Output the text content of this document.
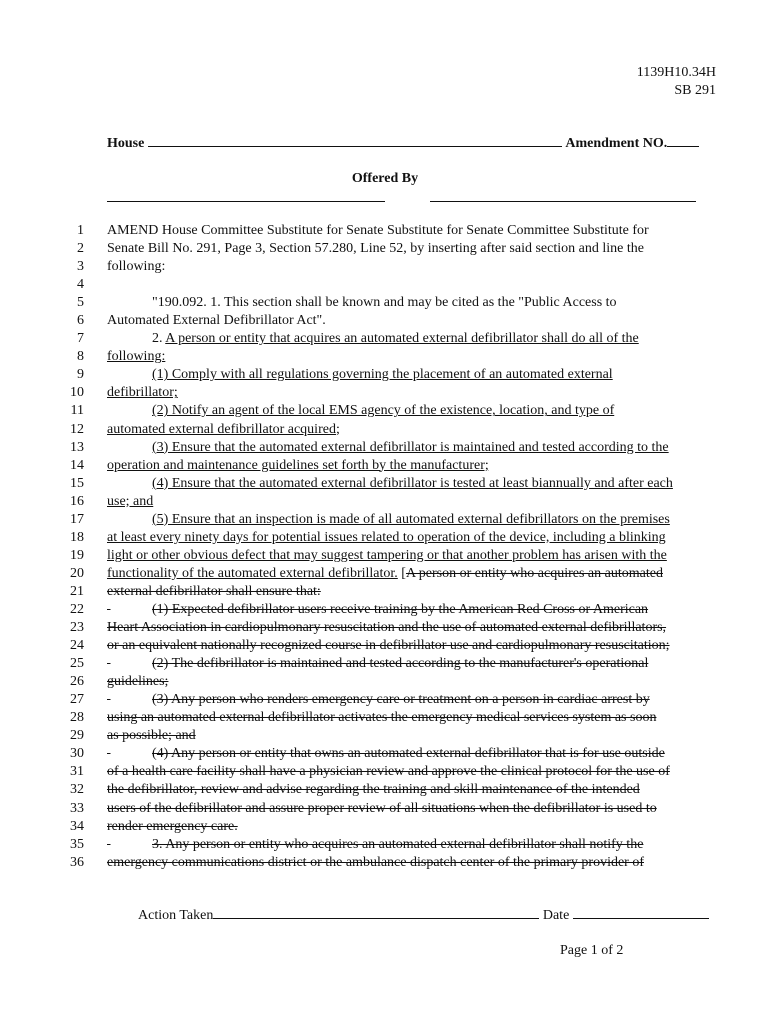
1139H10.34H
SB 291
House	Amendment NO.
Offered By
1 AMEND House Committee Substitute for Senate Substitute for Senate Committee Substitute for
2 Senate Bill No. 291, Page 3, Section 57.280, Line 52, by inserting after said section and line the
3 following:
4
5	"190.092. 1. This section shall be known and may be cited as the "Public Access to
6 Automated External Defibrillator Act".
7	2. A person or entity that acquires an automated external defibrillator shall do all of the
8 following:
9	(1) Comply with all regulations governing the placement of an automated external
10 defibrillator;
11	(2) Notify an agent of the local EMS agency of the existence, location, and type of
12 automated external defibrillator acquired;
13	(3) Ensure that the automated external defibrillator is maintained and tested according to the
14 operation and maintenance guidelines set forth by the manufacturer;
15	(4) Ensure that the automated external defibrillator is tested at least biannually and after each
16 use; and
17	(5) Ensure that an inspection is made of all automated external defibrillators on the premises
18 at least every ninety days for potential issues related to operation of the device, including a blinking
19 light or other obvious defect that may suggest tampering or that another problem has arisen with the
20 functionality of the automated external defibrillator. [A person or entity who acquires an automated
21 external defibrillator shall ensure that:
22	(1) Expected defibrillator users receive training by the American Red Cross or American
23 Heart Association in cardiopulmonary resuscitation and the use of automated external defibrillators,
24 or an equivalent nationally recognized course in defibrillator use and cardiopulmonary resuscitation;
25	(2) The defibrillator is maintained and tested according to the manufacturer's operational
26 guidelines;
27	(3) Any person who renders emergency care or treatment on a person in cardiac arrest by
28 using an automated external defibrillator activates the emergency medical services system as soon
29 as possible; and
30	(4) Any person or entity that owns an automated external defibrillator that is for use outside
31 of a health care facility shall have a physician review and approve the clinical protocol for the use of
32 the defibrillator, review and advise regarding the training and skill maintenance of the intended
33 users of the defibrillator and assure proper review of all situations when the defibrillator is used to
34 render emergency care.
35	3. Any person or entity who acquires an automated external defibrillator shall notify the
36 emergency communications district or the ambulance dispatch center of the primary provider of
Action Taken	Date
Page 1 of 2
